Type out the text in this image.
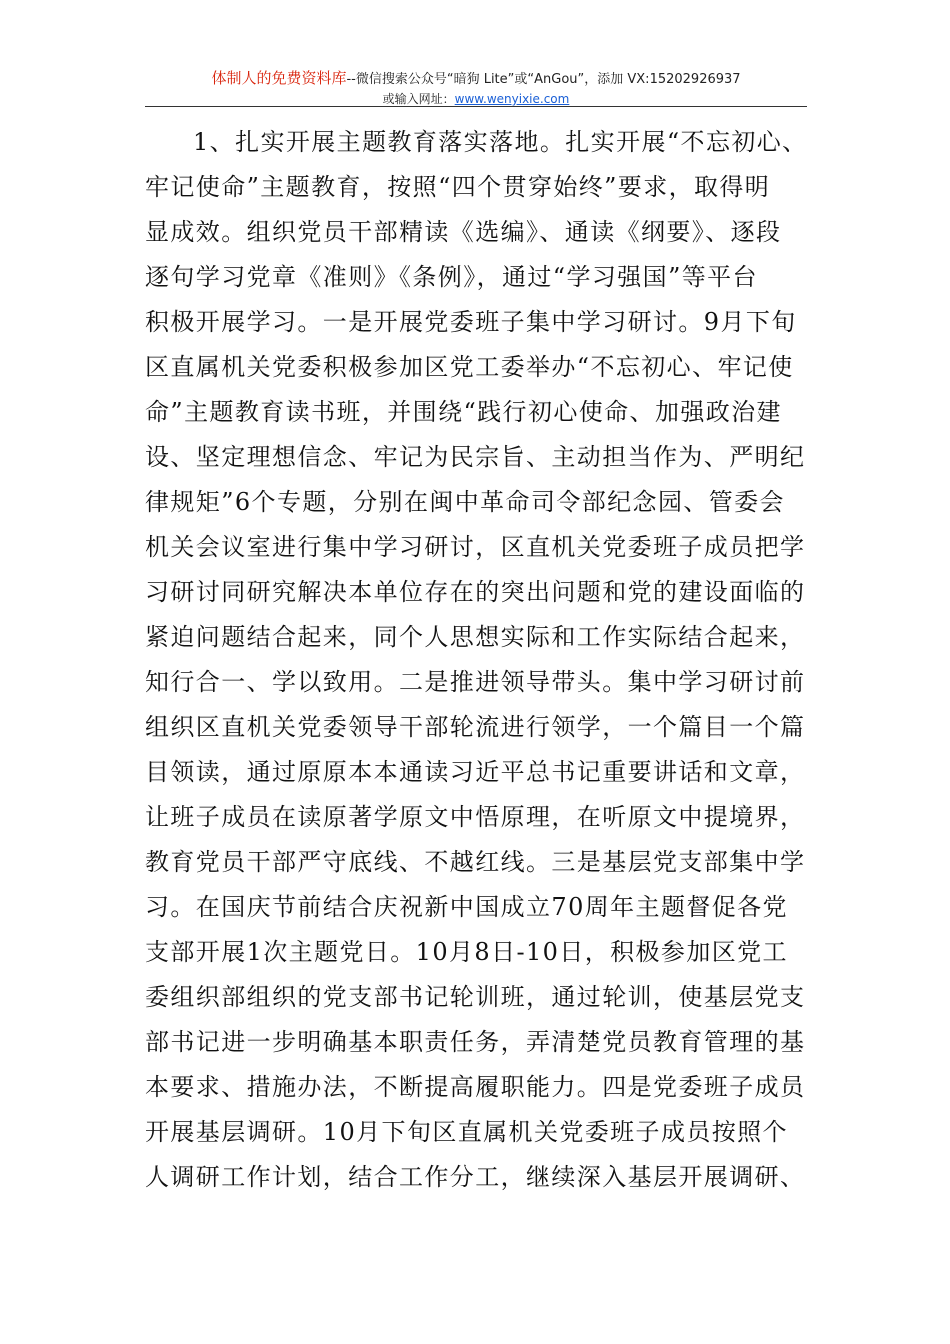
体制人的免费资料库--微信搜索公众号“暗狗 Lite”或“AnGou”，添加 VX:15202926937
或输入网址：www.wenyixie.com
1、扎实开展主题教育落实落地。扎实开展“不忘初心、
牢记使命”主题教育，按照“四个贯穿始终”要求，取得明
显成效。组织党员干部精读《选编》、通读《纲要》、逐段
逐句学习党章《准则》《条例》，通过“学习强国”等平台
积极开展学习。一是开展党委班子集中学习研讨。9月下旬
区直属机关党委积极参加区党工委举办“不忘初心、牢记使
命”主题教育读书班，并围绕“践行初心使命、加强政治建
设、坚定理想信念、牢记为民宗旨、主动担当作为、严明纪
律规矩”6个专题，分别在闽中革命司令部纪念园、管委会
机关会议室进行集中学习研讨，区直机关党委班子成员把学
习研讨同研究解决本单位存在的突出问题和党的建设面临的
紧迫问题结合起来，同个人思想实际和工作实际结合起来，
知行合一、学以致用。二是推进领导带头。集中学习研讨前
组织区直机关党委领导干部轮流进行领学，一个篇目一个篇
目领读，通过原原本本通读习近平总书记重要讲话和文章，
让班子成员在读原著学原文中悟原理，在听原文中提境界，
教育党员干部严守底线、不越红线。三是基层党支部集中学
习。在国庆节前结合庆祝新中国成立70周年主题督促各党
支部开展1次主题党日。10月8日-10日，积极参加区党工
委组织部组织的党支部书记轮训班，通过轮训，使基层党支
部书记进一步明确基本职责任务，弄清楚党员教育管理的基
本要求、措施办法，不断提高履职能力。四是党委班子成员
开展基层调研。10月下旬区直属机关党委班子成员按照个
人调研工作计划，结合工作分工，继续深入基层开展调研、
